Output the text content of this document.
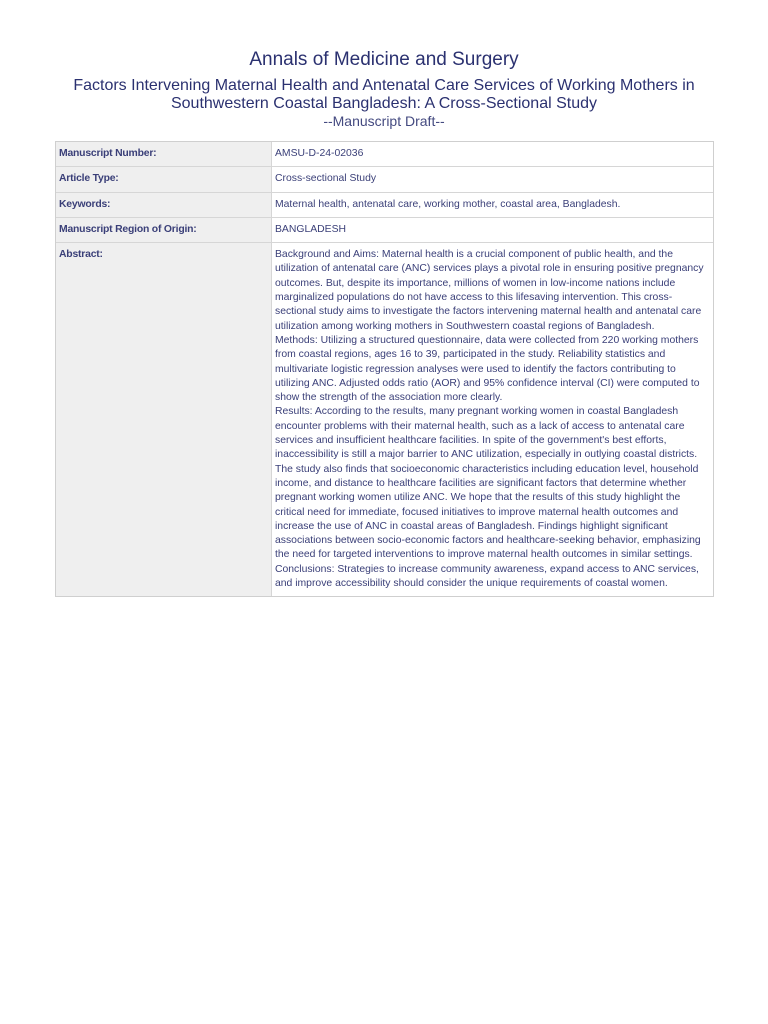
Annals of Medicine and Surgery
Factors Intervening Maternal Health and Antenatal Care Services of Working Mothers in Southwestern Coastal Bangladesh: A Cross-Sectional Study
--Manuscript Draft--
Manuscript Number:	AMSU-D-24-02036
Article Type:	Cross-sectional Study
Keywords:	Maternal health, antenatal care, working mother, coastal area, Bangladesh.
Manuscript Region of Origin:	BANGLADESH
Abstract:	Background and Aims: Maternal health is a crucial component of public health, and the utilization of antenatal care (ANC) services plays a pivotal role in ensuring positive pregnancy outcomes. But, despite its importance, millions of women in low-income nations include marginalized populations do not have access to this lifesaving intervention. This cross-sectional study aims to investigate the factors intervening maternal health and antenatal care utilization among working mothers in Southwestern coastal regions of Bangladesh.
Methods: Utilizing a structured questionnaire, data were collected from 220 working mothers from coastal regions, ages 16 to 39, participated in the study. Reliability statistics and multivariate logistic regression analyses were used to identify the factors contributing to utilizing ANC. Adjusted odds ratio (AOR) and 95% confidence interval (CI) were computed to show the strength of the association more clearly.
Results: According to the results, many pregnant working women in coastal Bangladesh encounter problems with their maternal health, such as a lack of access to antenatal care services and insufficient healthcare facilities. In spite of the government's best efforts, inaccessibility is still a major barrier to ANC utilization, especially in outlying coastal districts. The study also finds that socioeconomic characteristics including education level, household income, and distance to healthcare facilities are significant factors that determine whether pregnant working women utilize ANC. We hope that the results of this study highlight the critical need for immediate, focused initiatives to improve maternal health outcomes and increase the use of ANC in coastal areas of Bangladesh. Findings highlight significant associations between socio-economic factors and healthcare-seeking behavior, emphasizing the need for targeted interventions to improve maternal health outcomes in similar settings.
Conclusions: Strategies to increase community awareness, expand access to ANC services, and improve accessibility should consider the unique requirements of coastal women.
